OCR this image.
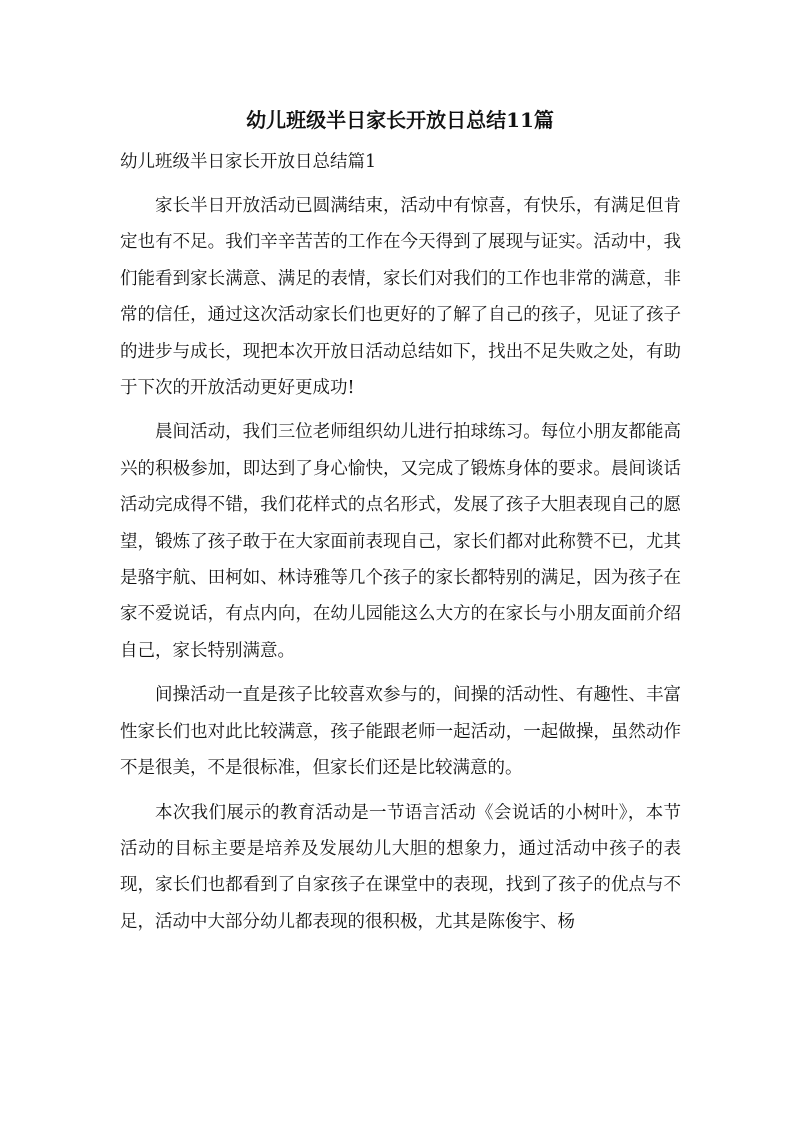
幼儿班级半日家长开放日总结11篇
幼儿班级半日家长开放日总结篇1

家长半日开放活动已圆满结束，活动中有惊喜，有快乐，有满足但肯定也有不足。我们辛辛苦苦的工作在今天得到了展现与证实。活动中，我们能看到家长满意、满足的表情，家长们对我们的工作也非常的满意，非常的信任，通过这次活动家长们也更好的了解了自己的孩子，见证了孩子的进步与成长，现把本次开放日活动总结如下，找出不足失败之处，有助于下次的开放活动更好更成功!

晨间活动，我们三位老师组织幼儿进行拍球练习。每位小朋友都能高兴的积极参加，即达到了身心愉快，又完成了锻炼身体的要求。晨间谈话活动完成得不错，我们花样式的点名形式，发展了孩子大胆表现自己的愿望，锻炼了孩子敢于在大家面前表现自己，家长们都对此称赞不已，尤其是骆宇航、田柯如、林诗雅等几个孩子的家长都特别的满足，因为孩子在家不爱说话，有点内向，在幼儿园能这么大方的在家长与小朋友面前介绍自己，家长特别满意。

间操活动一直是孩子比较喜欢参与的，间操的活动性、有趣性、丰富性家长们也对此比较满意，孩子能跟老师一起活动，一起做操，虽然动作不是很美，不是很标准，但家长们还是比较满意的。

本次我们展示的教育活动是一节语言活动《会说话的小树叶》，本节活动的目标主要是培养及发展幼儿大胆的想象力，通过活动中孩子的表现，家长们也都看到了自家孩子在课堂中的表现，找到了孩子的优点与不足，活动中大部分幼儿都表现的很积极，尤其是陈俊宇、杨
